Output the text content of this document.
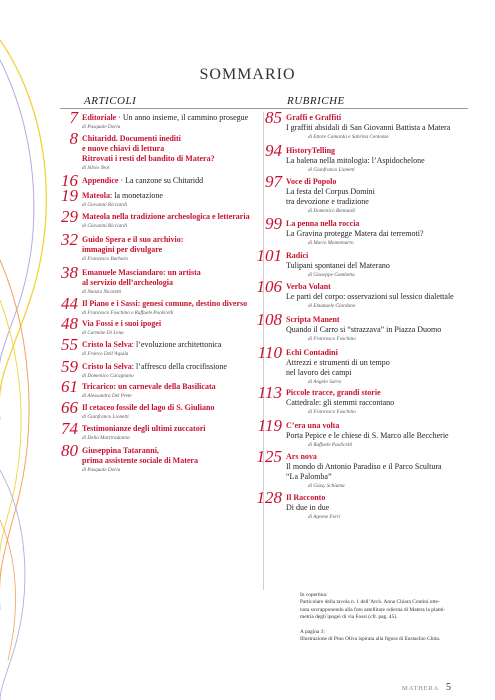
SOMMARIO
ARTICOLI	RUBRICHE
7 Editoriale · Un anno insieme, il cammino prosegue
di Pasquale Doria
8 Chitaridd. Documenti inediti
e nuove chiavi di lettura
Ritrovati i resti del bandito di Matera?
di Silvio Teot
16 Appendice · La canzone su Chitaridd
19 Mateola: la monetazione
di Giovanni Ricciardi
29 Mateola nella tradizione archeologica e letteraria
di Giovanni Ricciardi
32 Guido Spera e il suo archivio:
immagini per divulgare
di Francesco Barbaro
38 Emanuele Masciandaro: un artista
al servizio dell’archeologia
di Nunzia Nicoletti
44 Il Piano e i Sassi: genesi comune, destino diverso
di Francesco Foschino e Raffaele Paolicelli
48 Via Fossi e i suoi ipogei
di Carmine Di Lena
55 Cristo la Selva: l’evoluzione architettonica
di Franco Dell’Aquila
59 Cristo la Selva: l’affresco della crocifissione
di Domenico Caragnano
61 Tricarico: un carnevale della Basilicata
di Alessandra Del Prete
66 Il cetaceo fossile del lago di S. Giuliano
di Gianfranco Lionetti
74 Testimonianze degli ultimi zuccatori
di Delia Martiradonna
80 Giuseppina Tataranni,
prima assistente sociale di Matera
di Pasquale Doria
85 Graffi e Graffiti
I graffiti absidali di San Giovanni Battista a Matera
di Ettore Camarda e Sabrina Centonze
94 HistoryTelling
La balena nella mitologia: l’Aspidochelone
di Gianfranco Lionetti
97 Voce di Popolo
La festa del Corpus Domini
tra devozione e tradizione
di Domenico Bennardi
99 La penna nella roccia
La Gravina protegge Matera dai terremoti?
di Mario Montemurro
101 Radici
Tulipani spontanei del Materano
di Giuseppe Gambetta
106 Verba Volant
Le parti del corpo: osservazioni sul lessico dialettale
di Emanuele Giordano
108 Scripta Manent
Quando il Carro si “strazzava” in Piazza Duomo
di Francesco Foschino
110 Echi Contadini
Attrezzi e strumenti di un tempo
nel lavoro dei campi
di Angelo Sarra
113 Piccole tracce, grandi storie
Cattedrale: gli stemmi raccontano
di Francesco Foschino
119 C’era una volta
Porta Pepice e le chiese di S. Marco alle Beccherie
di Raffaele Paolicelli
125 Ars nova
Il mondo di Antonio Paradiso e il Parco Scultura
“La Palomba”
di Giusy Schiuma
128 Il Racconto
Di due in due
di Agnese Ferri
In copertina:
Particolare della tavola n. 1 dell’Arch. Anna Chiara Contini otte-
nuta sovrapponendo alla foto satellitare odierna di Matera la planti-
metria degli ipogei di via Fossi (cfr. pag. 45).
A pagina 3:
Illustrazione di Pino Oliva ispirata alla figura di Eustachio Chita.
MATHERA 5
